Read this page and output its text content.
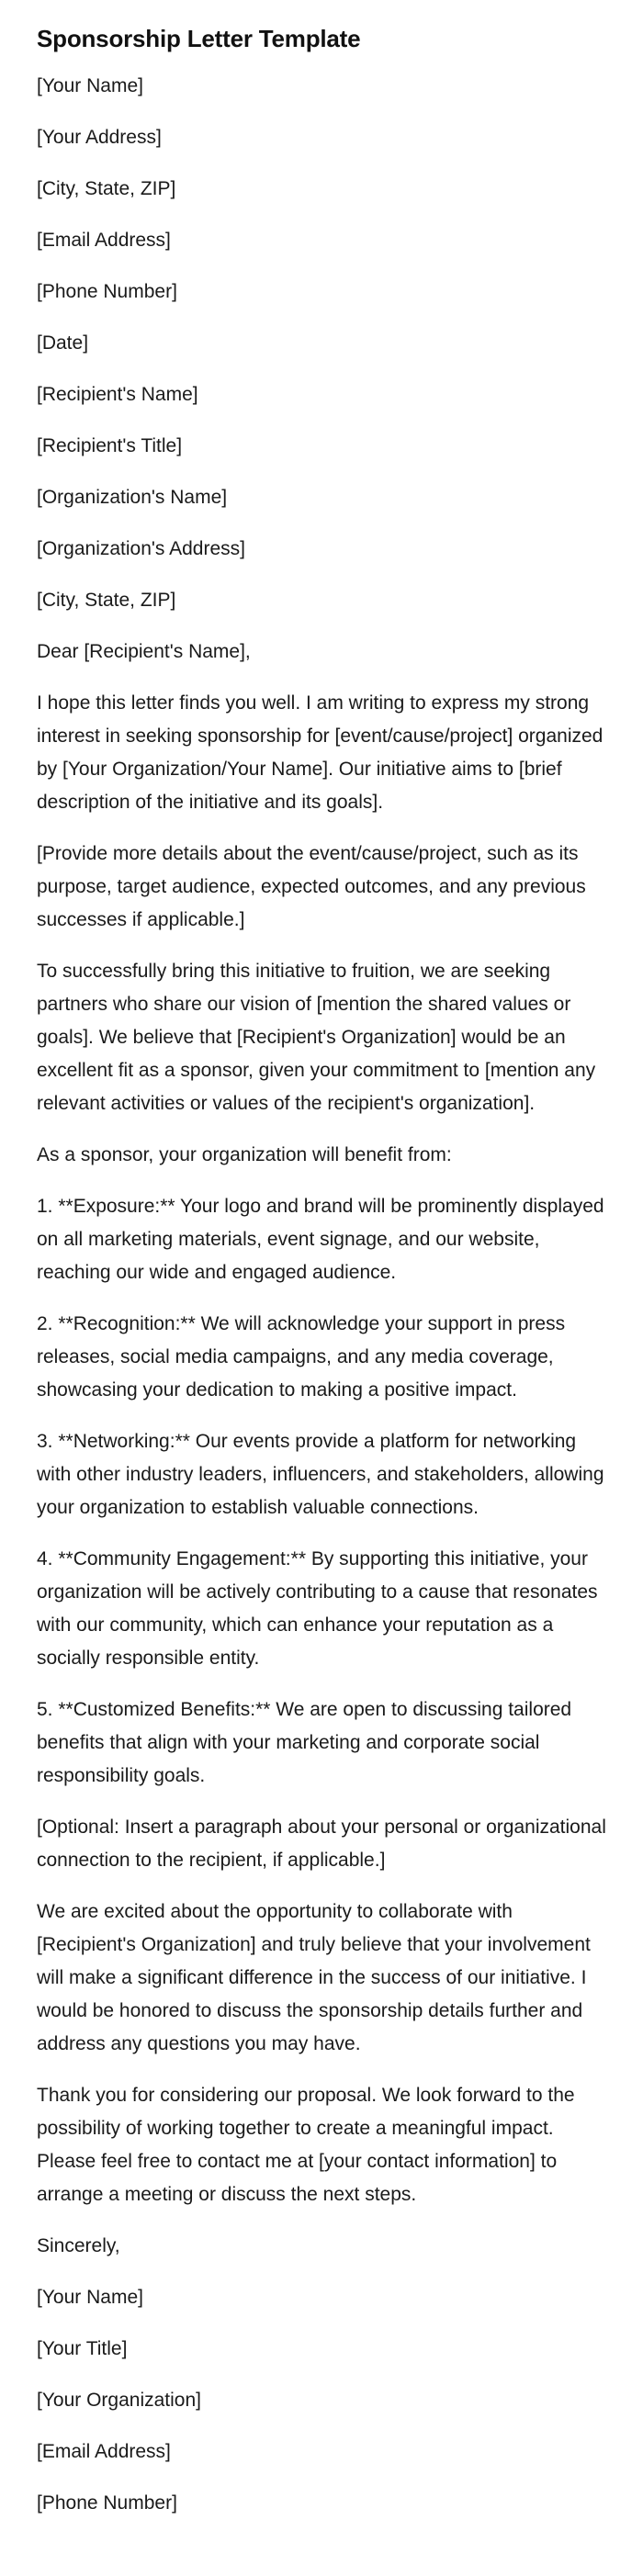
Sponsorship Letter Template

[Your Name]

[Your Address]

[City, State, ZIP]

[Email Address]

[Phone Number]

[Date]

[Recipient's Name]

[Recipient's Title]

[Organization's Name]

[Organization's Address]

[City, State, ZIP]

Dear [Recipient's Name],

I hope this letter finds you well. I am writing to express my strong interest in seeking sponsorship for [event/cause/project] organized by [Your Organization/Your Name]. Our initiative aims to [brief description of the initiative and its goals].

[Provide more details about the event/cause/project, such as its purpose, target audience, expected outcomes, and any previous successes if applicable.]

To successfully bring this initiative to fruition, we are seeking partners who share our vision of [mention the shared values or goals]. We believe that [Recipient's Organization] would be an excellent fit as a sponsor, given your commitment to [mention any relevant activities or values of the recipient's organization].

As a sponsor, your organization will benefit from:

1. **Exposure:** Your logo and brand will be prominently displayed on all marketing materials, event signage, and our website, reaching our wide and engaged audience.

2. **Recognition:** We will acknowledge your support in press releases, social media campaigns, and any media coverage, showcasing your dedication to making a positive impact.

3. **Networking:** Our events provide a platform for networking with other industry leaders, influencers, and stakeholders, allowing your organization to establish valuable connections.

4. **Community Engagement:** By supporting this initiative, your organization will be actively contributing to a cause that resonates with our community, which can enhance your reputation as a socially responsible entity.

5. **Customized Benefits:** We are open to discussing tailored benefits that align with your marketing and corporate social responsibility goals.

[Optional: Insert a paragraph about your personal or organizational connection to the recipient, if applicable.]

We are excited about the opportunity to collaborate with [Recipient's Organization] and truly believe that your involvement will make a significant difference in the success of our initiative. I would be honored to discuss the sponsorship details further and address any questions you may have.

Thank you for considering our proposal. We look forward to the possibility of working together to create a meaningful impact. Please feel free to contact me at [your contact information] to arrange a meeting or discuss the next steps.

Sincerely,

[Your Name]

[Your Title]

[Your Organization]

[Email Address]

[Phone Number]
